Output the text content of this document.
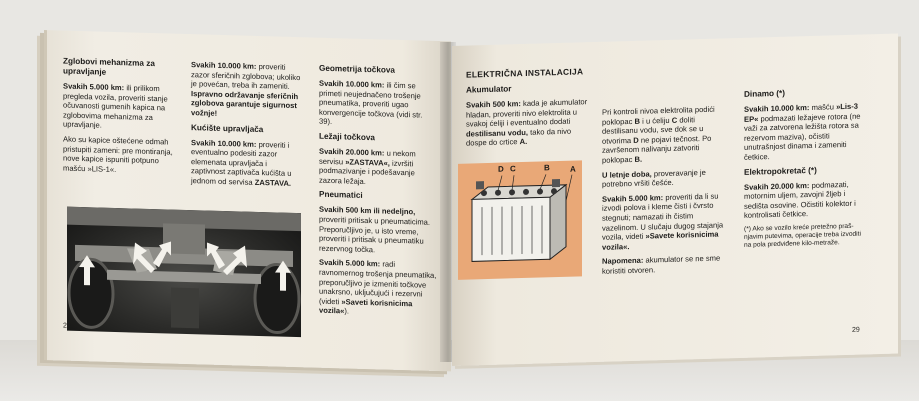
Zglobovi mehanizma za upravljanje

Svakih 5.000 km: ili prilikom pregleda vozila, proveriti stanje očuvanosti gumenih kapica na zglobovima mehanizma za upravljanje.

Ako su kapice oštećene odmah pristupiti zameni: pre montiranja, nove kapice ispuniti potpuno mašću »LIS-1«.

Svakih 10.000 km: proveriti zazor sferičnih zglobova; ukoliko je povećan, treba ih zameniti. Ispravno održavanje sferičnih zglobova garantuje sigurnost vožnje!

Kućište upravljača

Svakih 10.000 km: proveriti i eventualno podesiti zazor elemenata upravljača i zaptivnost zaptivača kućišta u jednom od servisa ZASTAVA.

Geometrija točkova

Svakih 10.000 km: ili čim se primeti neujednačeno trošenje pneumatika, proveriti ugao konvergencije točkova (vidi str. 39).

Ležaji točkova

Svakih 20.000 km: u nekom servisu »ZASTAVA«, izvršiti podmazivanje i podešavanje zazora ležaja.

Pneumatici

Svakih 500 km ili nedeljno, proveriti pritisak u pneumaticima. Preporučljivo je, u isto vreme, proveriti i pritisak u pneumatiku rezervnog točka.

Svakih 5.000 km: radi ravnomernog trošenja pneumatika, preporučljivo je izmeniti točkove unakrsno, uključujući i rezervni (videti »Saveti korisnicima vozila«).

28
ELEKTRIČNA INSTALACIJA

Akumulator

Svakih 500 km: kada je akumulator hladan, proveriti nivo elektrolita u svakoj ćeliji i eventualno dodati destilisanu vodu, tako da nivo dospe do crtice A.

D C	B	A

Pri kontroli nivoa elektrolita podići poklopac B i u ćeliju C doliti destilisanu vodu, sve dok se u otvorima D ne pojavi tečnost. Po završenom nalivanju zatvoriti poklopac B.

U letnje doba, proveravanje je potrebno vršiti češće.

Svakih 5.000 km: proveriti da li su izvodi polova i kleme čisti i čvrsto stegnuti; namazati ih čistim vazelinom. U slučaju dugog stajanja vozila, videti »Savete korisnicima vozila«.

Napomena: akumulator se ne sme koristiti otvoren.

Dinamo (*)

Svakih 10.000 km: mašću »Lis-3 EP« podmazati ležajeve rotora (ne važi za zatvorena ležišta rotora sa rezervom maziva), očistiti unutrašnjost dinama i zameniti četkice.

Elektropokretač (*)

Svakih 20.000 km: podmazati, motornim uljem, zavojni žljeb i sedišta osovine. Očistiti kolektor i kontrolisati četkice.

(*) Ako se vozilo kreće pretežno praš-njavim putevima, operacije treba izvoditi na pola predviđene kilo-metraže.

29
